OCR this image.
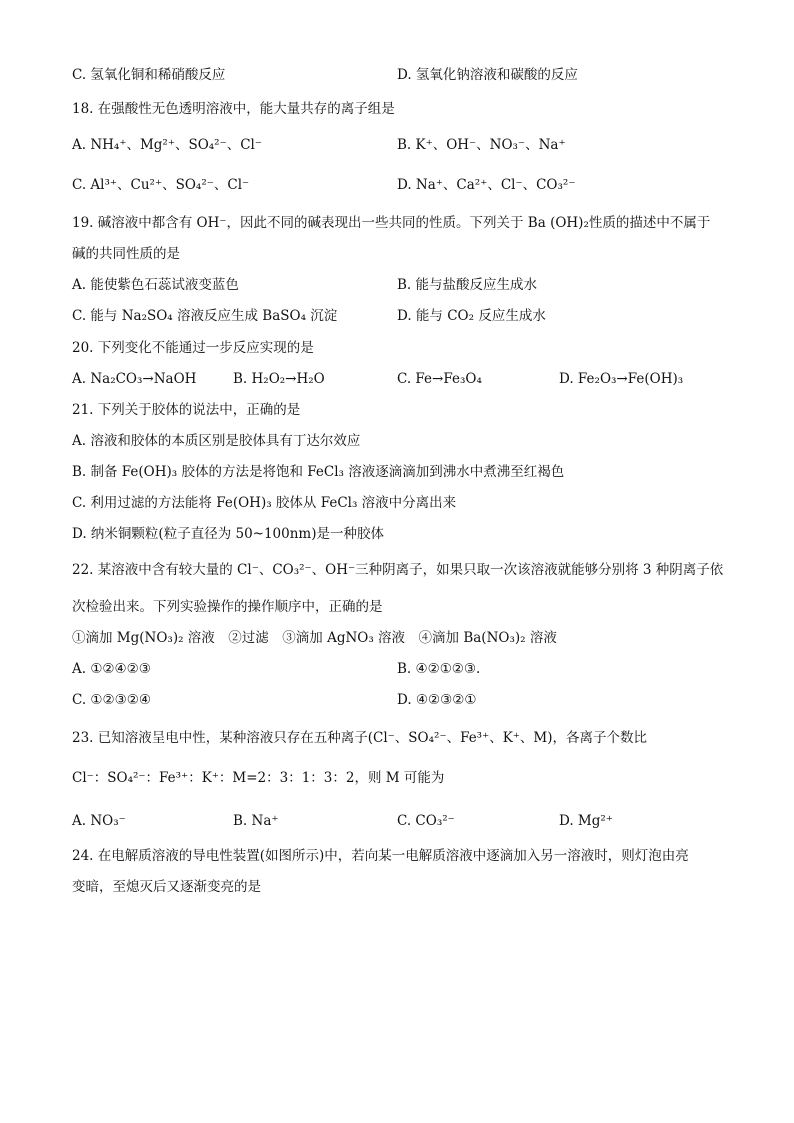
C. 氢氧化铜和稀硝酸反应	D. 氢氧化钠溶液和碳酸的反应
18. 在强酸性无色透明溶液中，能大量共存的离子组是
A. NH₄⁺、Mg²⁺、SO₄²⁻、Cl⁻	B. K⁺、OH⁻、NO₃⁻、Na⁺
C. Al³⁺、Cu²⁺、SO₄²⁻、Cl⁻	D. Na⁺、Ca²⁺、Cl⁻、CO₃²⁻
19. 碱溶液中都含有 OH⁻，因此不同的碱表现出一些共同的性质。下列关于 Ba (OH)₂性质的描述中不属于
碱的共同性质的是
A. 能使紫色石蕊试液变蓝色	B. 能与盐酸反应生成水
C. 能与 Na₂SO₄ 溶液反应生成 BaSO₄ 沉淀	D. 能与 CO₂ 反应生成水
20. 下列变化不能通过一步反应实现的是
A. Na₂CO₃→NaOH	B. H₂O₂→H₂O	C. Fe→Fe₃O₄	D. Fe₂O₃→Fe(OH)₃
21. 下列关于胶体的说法中，正确的是
A. 溶液和胶体的本质区别是胶体具有丁达尔效应
B. 制备 Fe(OH)₃ 胶体的方法是将饱和 FeCl₃ 溶液逐滴滴加到沸水中煮沸至红褐色
C. 利用过滤的方法能将 Fe(OH)₃ 胶体从 FeCl₃ 溶液中分离出来
D. 纳米铜颗粒(粒子直径为 50~100nm)是一种胶体
22. 某溶液中含有较大量的 Cl⁻、CO₃²⁻、OH⁻三种阴离子，如果只取一次该溶液就能够分别将 3 种阴离子依
次检验出来。下列实验操作的操作顺序中，正确的是
①滴加 Mg(NO₃)₂ 溶液　②过滤　③滴加 AgNO₃ 溶液　④滴加 Ba(NO₃)₂ 溶液
A. ①②④②③	B. ④②①②③.
C. ①②③②④	D. ④②③②①
23. 已知溶液呈电中性，某种溶液只存在五种离子(Cl⁻、SO₄²⁻、Fe³⁺、K⁺、M)，各离子个数比
Cl⁻：SO₄²⁻：Fe³⁺：K⁺：M=2：3：1：3：2，则 M 可能为
A. NO₃⁻	B. Na⁺	C. CO₃²⁻	D. Mg²⁺
24. 在电解质溶液的导电性装置(如图所示)中，若向某一电解质溶液中逐滴加入另一溶液时，则灯泡由亮
变暗，至熄灭后又逐渐变亮的是
